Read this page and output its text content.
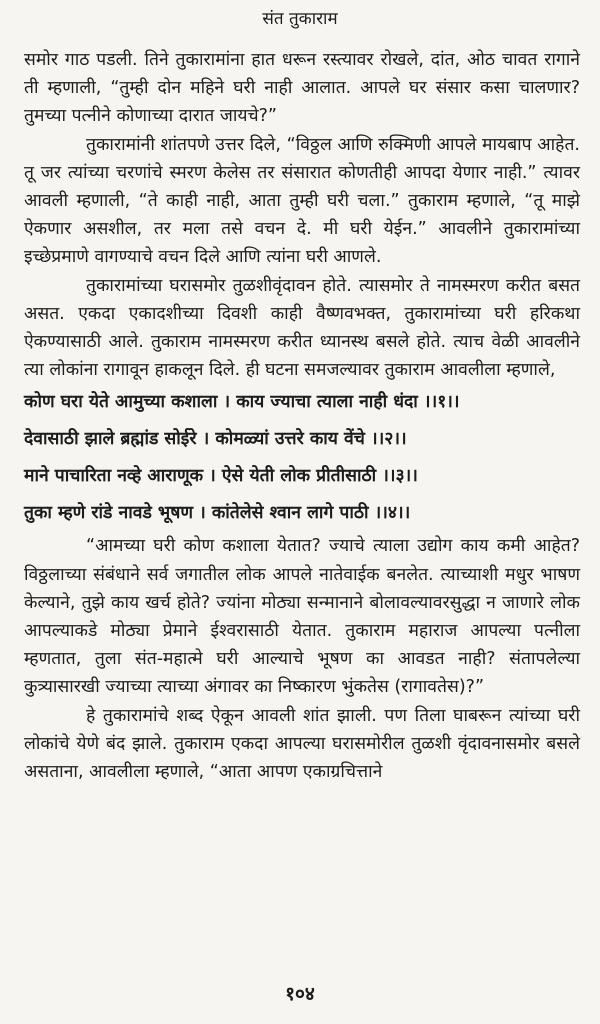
संत तुकाराम

समोर गाठ पडली. तिने तुकारामांना हात धरून रस्त्यावर रोखले, दांत, ओठ चावत रागाने ती म्हणाली, “तुम्ही दोन महिने घरी नाही आलात. आपले घर संसार कसा चालणार? तुमच्या पत्नीने कोणाच्या दारात जायचे?”

तुकारामांनी शांतपणे उत्तर दिले, “विठ्ठल आणि रुक्मिणी आपले मायबाप आहेत. तू जर त्यांच्या चरणांचे स्मरण केलेस तर संसारात कोणतीही आपदा येणार नाही.” त्यावर आवली म्हणाली, “ते काही नाही, आता तुम्ही घरी चला.” तुकाराम म्हणाले, “तू माझे ऐकणार असशील, तर मला तसे वचन दे. मी घरी येईन.” आवलीने तुकारामांच्या इच्छेप्रमाणे वागण्याचे वचन दिले आणि त्यांना घरी आणले.

तुकारामांच्या घरासमोर तुळशीवृंदावन होते. त्यासमोर ते नामस्मरण करीत बसत असत. एकदा एकादशीच्या दिवशी काही वैष्णवभक्त, तुकारामांच्या घरी हरिकथा ऐकण्यासाठी आले. तुकाराम नामस्मरण करीत ध्यानस्थ बसले होते. त्याच वेळी आवलीने त्या लोकांना रागावून हाकलून दिले. ही घटना समजल्यावर तुकाराम आवलीला म्हणाले,

कोण घरा येते आमुच्या कशाला । काय ज्याचा त्याला नाही धंदा ।।१।।
देवासाठी झाले ब्रह्मांड सोईरे । कोमळ्यां उत्तरे काय वेंचे ।।२।।
माने पाचारिता नव्हे आराणूक । ऐसे येती लोक प्रीतीसाठी ।।३।।
तुका म्हणे रांडे नावडे भूषण । कांतेलेसे श्वान लागे पाठी ।।४।।

“आमच्या घरी कोण कशाला येतात? ज्याचे त्याला उद्योग काय कमी आहेत? विठ्ठलाच्या संबंधाने सर्व जगातील लोक आपले नातेवाईक बनलेत. त्याच्याशी मधुर भाषण केल्याने, तुझे काय खर्च होते? ज्यांना मोठ्या सन्मानाने बोलावल्यावरसुद्धा न जाणारे लोक आपल्याकडे मोठ्या प्रेमाने ईश्वरासाठी येतात. तुकाराम महाराज आपल्या पत्नीला म्हणतात, तुला संत-महात्मे घरी आल्याचे भूषण का आवडत नाही? संतापलेल्या कुत्र्यासारखी ज्याच्या त्याच्या अंगावर का निष्कारण भुंकतेस (रागावतेस)?”

हे तुकारामांचे शब्द ऐकून आवली शांत झाली. पण तिला घाबरून त्यांच्या घरी लोकांचे येणे बंद झाले. तुकाराम एकदा आपल्या घरासमोरील तुळशी वृंदावनासमोर बसले असताना, आवलीला म्हणाले, “आता आपण एकाग्रचित्ताने

१०४
